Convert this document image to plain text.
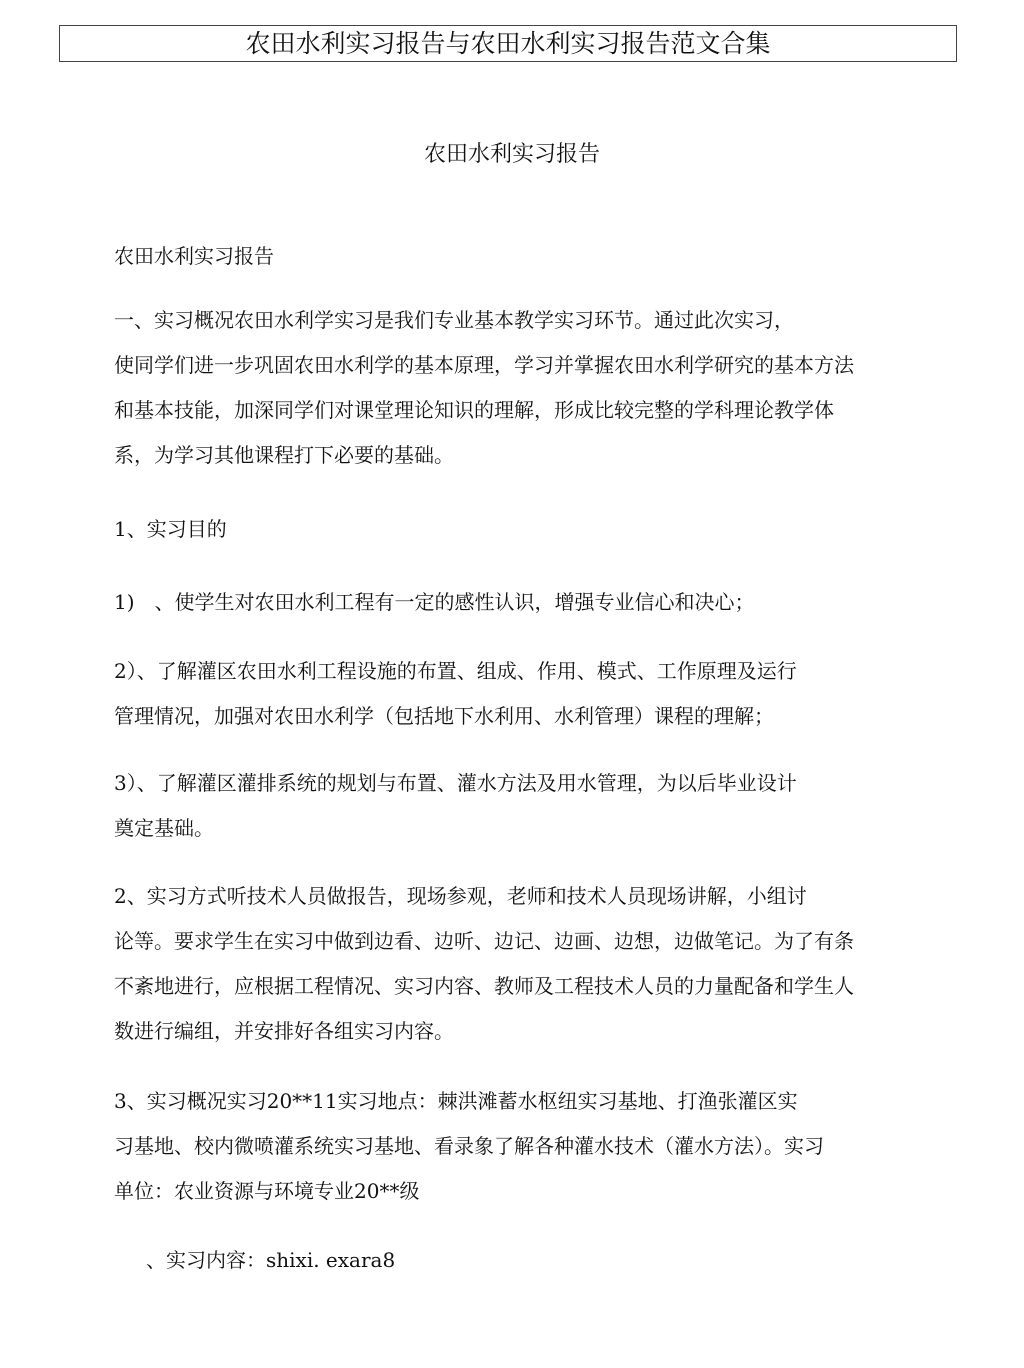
农田水利实习报告与农田水利实习报告范文合集
农田水利实习报告

农田水利实习报告

一、实习概况农田水利学实习是我们专业基本教学实习环节。通过此次实习，
使同学们进一步巩固农田水利学的基本原理，学习并掌握农田水利学研究的基本方法
和基本技能，加深同学们对课堂理论知识的理解，形成比较完整的学科理论教学体
系，为学习其他课程打下必要的基础。

1、实习目的

1)　、使学生对农田水利工程有一定的感性认识，增强专业信心和决心；

2）、了解灌区农田水利工程设施的布置、组成、作用、模式、工作原理及运行
管理情况，加强对农田水利学（包括地下水利用、水利管理）课程的理解；

3）、了解灌区灌排系统的规划与布置、灌水方法及用水管理，为以后毕业设计
奠定基础。

2、实习方式听技术人员做报告，现场参观，老师和技术人员现场讲解，小组讨
论等。要求学生在实习中做到边看、边听、边记、边画、边想，边做笔记。为了有条
不紊地进行，应根据工程情况、实习内容、教师及工程技术人员的力量配备和学生人
数进行编组，并安排好各组实习内容。

3、实习概况实习20**11实习地点：棘洪滩蓄水枢纽实习基地、打渔张灌区实
习基地、校内微喷灌系统实习基地、看录象了解各种灌水技术（灌水方法）。实习
单位：农业资源与环境专业20**级

、实习内容：shixi. exara8
